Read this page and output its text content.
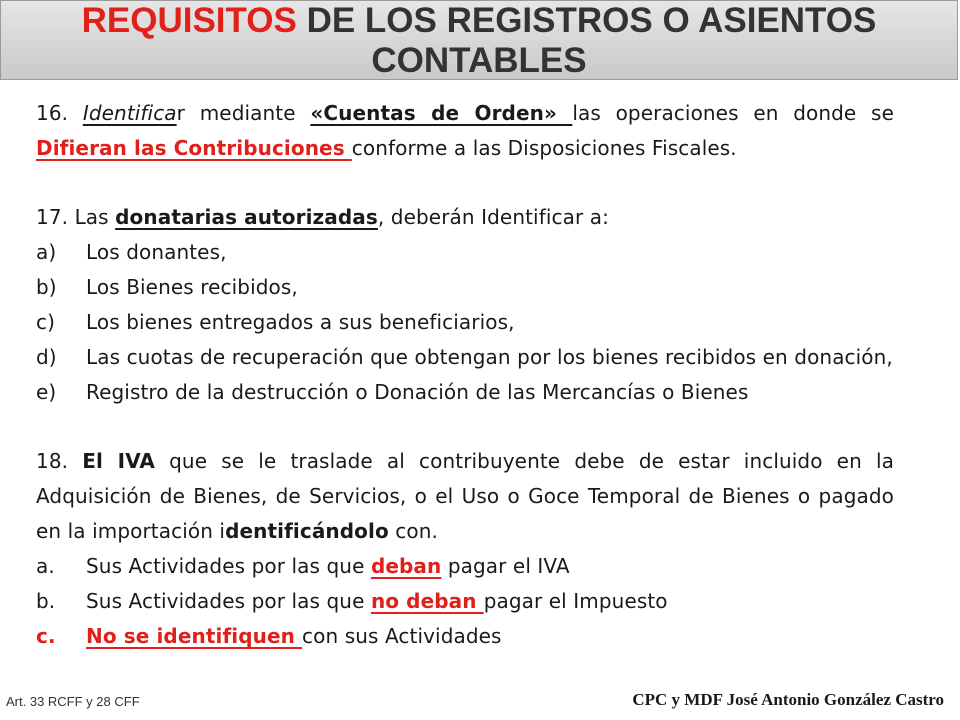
REQUISITOS DE LOS REGISTROS O ASIENTOS CONTABLES

16. Identificar mediante «Cuentas de Orden» las operaciones en donde se Difieran las Contribuciones conforme a las Disposiciones Fiscales.

17. Las donatarias autorizadas, deberán Identificar a:

a) Los donantes,
b) Los Bienes recibidos,
c) Los bienes entregados a sus beneficiarios,
d) Las cuotas de recuperación que obtengan por los bienes recibidos en donación,
e) Registro de la destrucción o Donación de las Mercancías o Bienes

18. El IVA que se le traslade al contribuyente debe de estar incluido en la Adquisición de Bienes, de Servicios, o el Uso o Goce Temporal de Bienes o pagado en la importación identificándolo con.

a. Sus Actividades por las que deban pagar el IVA
b. Sus Actividades por las que no deban pagar el Impuesto
c. No se identifiquen con sus Actividades
Art. 33 RCFF y 28 CFF	CPC y MDF José Antonio González Castro
